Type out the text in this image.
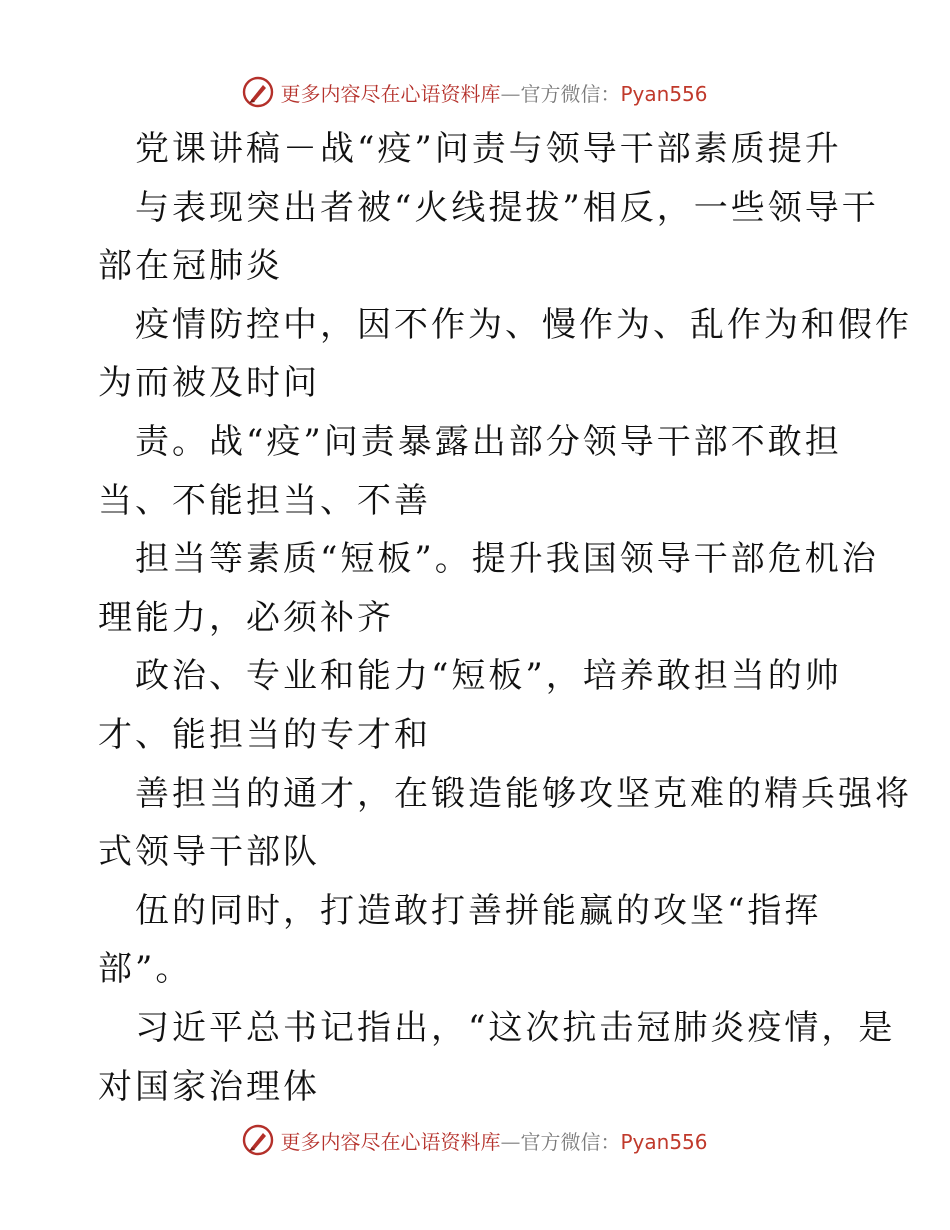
更多内容尽在心语资料库—官方微信：Pyan556
党课讲稿－战“疫”问责与领导干部素质提升
与表现突出者被“火线提拔”相反，一些领导干
部在冠肺炎
疫情防控中，因不作为、慢作为、乱作为和假作
为而被及时问
责。战“疫”问责暴露出部分领导干部不敢担
当、不能担当、不善
担当等素质“短板”。提升我国领导干部危机治
理能力，必须补齐
政治、专业和能力“短板”，培养敢担当的帅
才、能担当的专才和
善担当的通才，在锻造能够攻坚克难的精兵强将
式领导干部队
伍的同时，打造敢打善拼能赢的攻坚“指挥
部”。
习近平总书记指出，“这次抗击冠肺炎疫情，是
对国家治理体
更多内容尽在心语资料库—官方微信：Pyan556
